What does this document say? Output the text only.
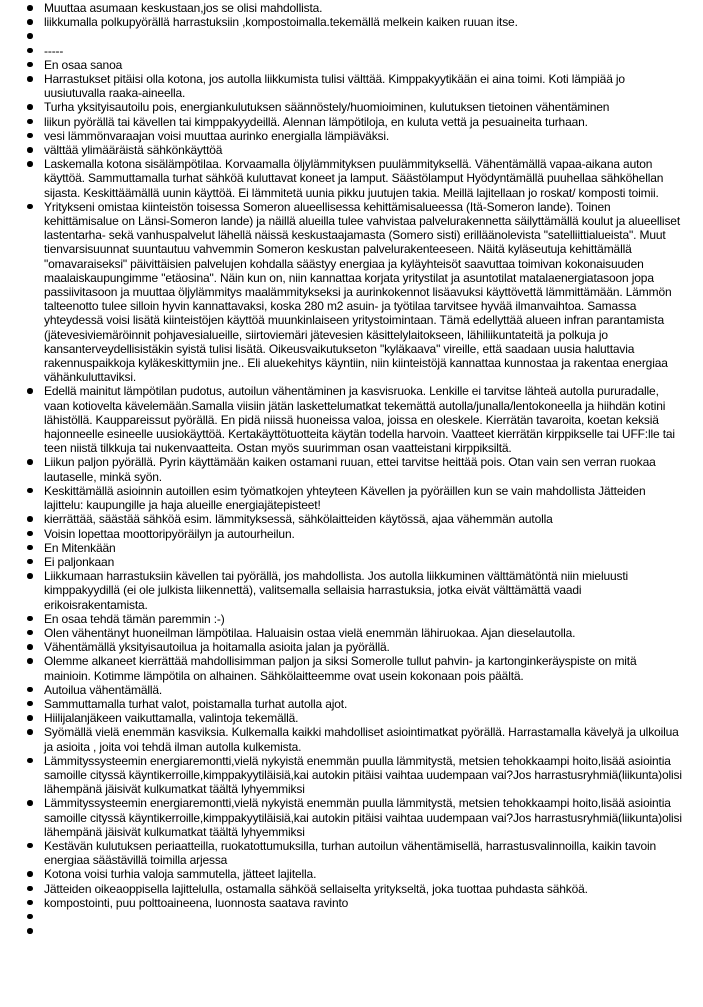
Muuttaa asumaan keskustaan,jos se olisi mahdollista.
liikkumalla polkupyörällä harrastuksiin ,kompostoimalla.tekemällä melkein kaiken ruuan itse.
-----
En osaa sanoa
Harrastukset pitäisi olla kotona, jos autolla liikkumista tulisi välttää. Kimppakyytikään ei aina toimi. Koti lämpiää jo uusiutuvalla raaka-aineella.
Turha yksityisautoilu pois, energiankulutuksen säännöstely/huomioiminen, kulutuksen tietoinen vähentäminen
liikun pyörällä tai kävellen tai kimppakyydeillä. Alennan lämpötiloja, en kuluta vettä ja pesuaineita turhaan.
vesi lämmönvaraajan voisi muuttaa aurinko energialla lämpiäväksi.
välttää ylimääräistä sähkönkäyttöä
Laskemalla kotona sisälämpötilaa. Korvaamalla öljylämmityksen puulämmityksellä. Vähentämällä vapaa-aikana auton käyttöä. Sammuttamalla turhat sähköä kuluttavat koneet ja lamput. Säästölamput Hyödyntämällä puuhellaa sähköhellan sijasta. Keskittäämällä uunin käyttöä. Ei lämmitetä uunia pikku juutujen takia. Meillä lajitellaan jo roskat/ komposti toimii.
Yritykseni omistaa kiinteistön toisessa Someron alueellisessa kehittämisalueessa (Itä-Someron lande). Toinen kehittämisalue on Länsi-Someron lande) ja näillä alueilla tulee vahvistaa palvelurakennetta säilyttämällä koulut ja alueelliset lastentarha- sekä vanhuspalvelut lähellä näissä keskustaajamasta (Somero sisti) erilläänolevista "satelliittialueista". Muut tienvarsisuunnat suuntautuu vahvemmin Someron keskustan palvelurakenteeseen. Näitä kyläseutuja kehittämällä "omavaraiseksi" päivittäisien palvelujen kohdalla säästyy energiaa ja kyläyhteisöt saavuttaa toimivan kokonaisuuden maalaiskaupungimme "etäosina". Näin kun on, niin kannattaa korjata yritystilat ja asuntotilat matalaenergiatasoon jopa passiivitasoon ja muuttaa öljylämmitys maalämmitykseksi ja aurinkokennot lisäavuksi käyttövettä lämmittämään. Lämmön talteenotto tulee silloin hyvin kannattavaksi, koska 280 m2 asuin- ja työtilaa tarvitsee hyvää ilmanvaihtoa. Samassa yhteydessä voisi lisätä kiinteistöjen käyttöä muunkinlaiseen yritystoimintaan. Tämä edellyttää alueen infran parantamista (jätevesiviemäröinnit pohjavesialueille, siirtoviemäri jätevesien käsittelylaitokseen, lähiliikuntateitä ja polkuja jo kansanterveydellisistäkin syistä tulisi lisätä. Oikeusvaikutukseton "kyläkaava" vireille, että saadaan uusia haluttavia rakennuspaikkoja kyläkeskittymiin jne.. Eli aluekehitys käyntiin, niin kiinteistöjä kannattaa kunnostaa ja rakentaa energiaa vähänkuluttaviksi.
Edellä mainitut lämpötilan pudotus, autoilun vähentäminen ja kasvisruoka. Lenkille ei tarvitse lähteä autolla pururadalle, vaan kotiovelta kävelemään.Samalla viisiin jätän laskettelumatkat tekemättä autolla/junalla/lentokoneella ja hiihdän kotini lähistöllä. Kauppareissut pyörällä. En pidä niissä huoneissa valoa, joissa en oleskele. Kierrätän tavaroita, koetan keksiä hajonneelle esineelle uusiokäyttöä. Kertakäyttötuotteita käytän todella harvoin. Vaatteet kierrätän kirppiksellе tai UFF:lle tai teen niistä tilkkuja tai nukenvaatteita. Ostan myös suurimman osan vaatteistani kirppiksiltä.
Liikun paljon pyörällä. Pyrin käyttämään kaiken ostamani ruuan, ettei tarvitse heittää pois. Otan vain sen verran ruokaa lautaselle, minkä syön.
Keskittämällä asioinnin autoillen esim työmatkojen yhteyteen Kävellen ja pyöräillen kun se vain mahdollista Jätteiden lajittelu: kaupungille ja haja alueille energiajätepisteet!
kierrättää, säästää sähköä esim. lämmityksessä, sähkölaitteiden käytössä, ajaa vähemmän autolla
Voisin lopettaa moottoripyöräilyn ja autourheilun.
En Mitenkään
Ei paljonkaan
Liikkumaan harrastuksiin kävellen tai pyörällä, jos mahdollista. Jos autolla liikkuminen välttämätöntä niin mieluusti kimppakyydillä (ei ole julkista liikennettä), valitsemalla sellaisia harrastuksia, jotka eivät välttämättä vaadi erikoisrakentamista.
En osaa tehdä tämän paremmin :-)
Olen vähentänyt huoneilman lämpötilaa. Haluaisin ostaa vielä enemmän lähiruokaa. Ajan dieselautolla.
Vähentämällä yksityisautoilua ja hoitamalla asioita jalan ja pyörällä.
Olemme alkaneet kierrättää mahdollisimman paljon ja siksi Somerolle tullut pahvin- ja kartonginkeräyspiste on mitä mainioin. Kotimme lämpötila on alhainen. Sähkölaitteemme ovat usein kokonaan pois päältä.
Autoilua vähentämällä.
Sammuttamalla turhat valot, poistamalla turhat autolla ajot.
Hiilijalanjäkeen vaikuttamalla, valintoja tekemällä.
Syömällä vielä enemmän kasviksia. Kulkemalla kaikki mahdolliset asiointimatkat pyörällä. Harrastamalla kävelyä ja ulkoilua ja asioita , joita voi tehdä ilman autolla kulkemista.
Lämmityssysteemin energiaremontti,vielä nykyistä enemmän puulla lämmitystä, metsien tehokkaampi hoito,lisää asiointia samoille cityssä käyntikerroille,kimppakyytiläisiä,kai autokin pitäisi vaihtaa uudempaan vai?Jos harrastusryhmiä(liikunta)olisi lähempänä jäisivät kulkumatkat täältä lyhyemmiksi
Lämmityssysteemin energiaremontti,vielä nykyistä enemmän puulla lämmitystä, metsien tehokkaampi hoito,lisää asiointia samoille cityssä käyntikerroille,kimppakyytiläisiä,kai autokin pitäisi vaihtaa uudempaan vai?Jos harrastusryhmiä(liikunta)olisi lähempänä jäisivät kulkumatkat täältä lyhyemmiksi
Kestävän kulutuksen periaatteilla, ruokatottumuksilla, turhan autoilun vähentämisellä, harrastusvalinnoilla, kaikin tavoin energiaa säästävillä toimilla arjessa
Kotona voisi turhia valoja sammutella, jätteet lajitella.
Jätteiden oikeaoppisella lajittelulla, ostamalla sähköä sellaiselta yritykseltä, joka tuottaa puhdasta sähköä.
kompostointi, puu polttoaineena, luonnosta saatava ravinto
